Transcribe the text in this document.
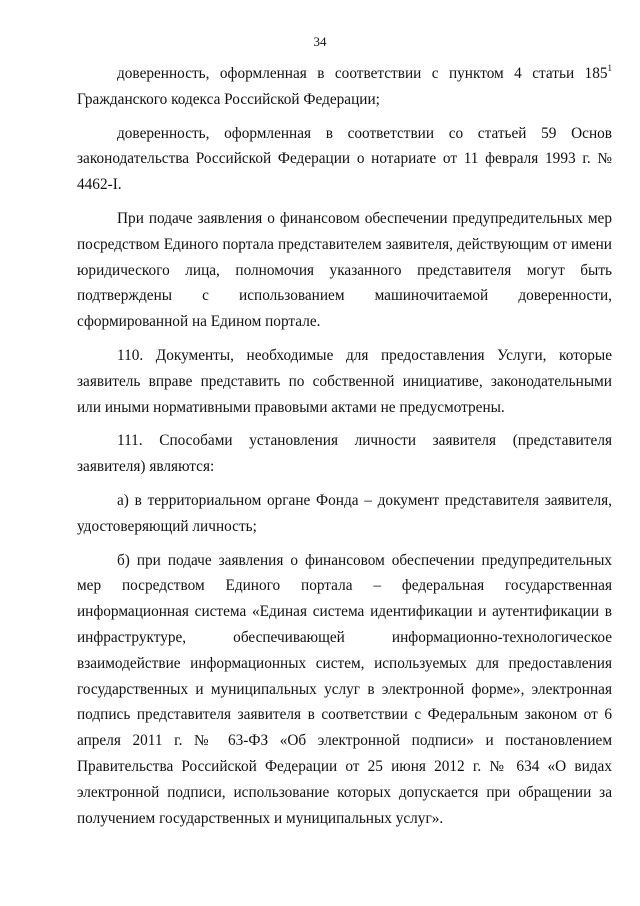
34

доверенность, оформленная в соответствии с пунктом 4 статьи $185^1$ Гражданского кодекса Российской Федерации;

доверенность, оформленная в соответствии со статьей 59 Основ законодательства Российской Федерации о нотариате от 11 февраля 1993 г. № 4462-I.

При подаче заявления о финансовом обеспечении предупредительных мер посредством Единого портала представителем заявителя, действующим от имени юридического лица, полномочия указанного представителя могут быть подтверждены с использованием машиночитаемой доверенности, сформированной на Едином портале.

110. Документы, необходимые для предоставления Услуги, которые заявитель вправе представить по собственной инициативе, законодательными или иными нормативными правовыми актами не предусмотрены.

111. Способами установления личности заявителя (представителя заявителя) являются:

а) в территориальном органе Фонда – документ представителя заявителя, удостоверяющий личность;

б) при подаче заявления о финансовом обеспечении предупредительных мер посредством Единого портала – федеральная государственная информационная система «Единая система идентификации и аутентификации в инфраструктуре, обеспечивающей информационно-технологическое взаимодействие информационных систем, используемых для предоставления государственных и муниципальных услуг в электронной форме», электронная подпись представителя заявителя в соответствии с Федеральным законом от 6 апреля 2011 г. № 63-ФЗ «Об электронной подписи» и постановлением Правительства Российской Федерации от 25 июня 2012 г. № 634 «О видах электронной подписи, использование которых допускается при обращении за получением государственных и муниципальных услуг».
